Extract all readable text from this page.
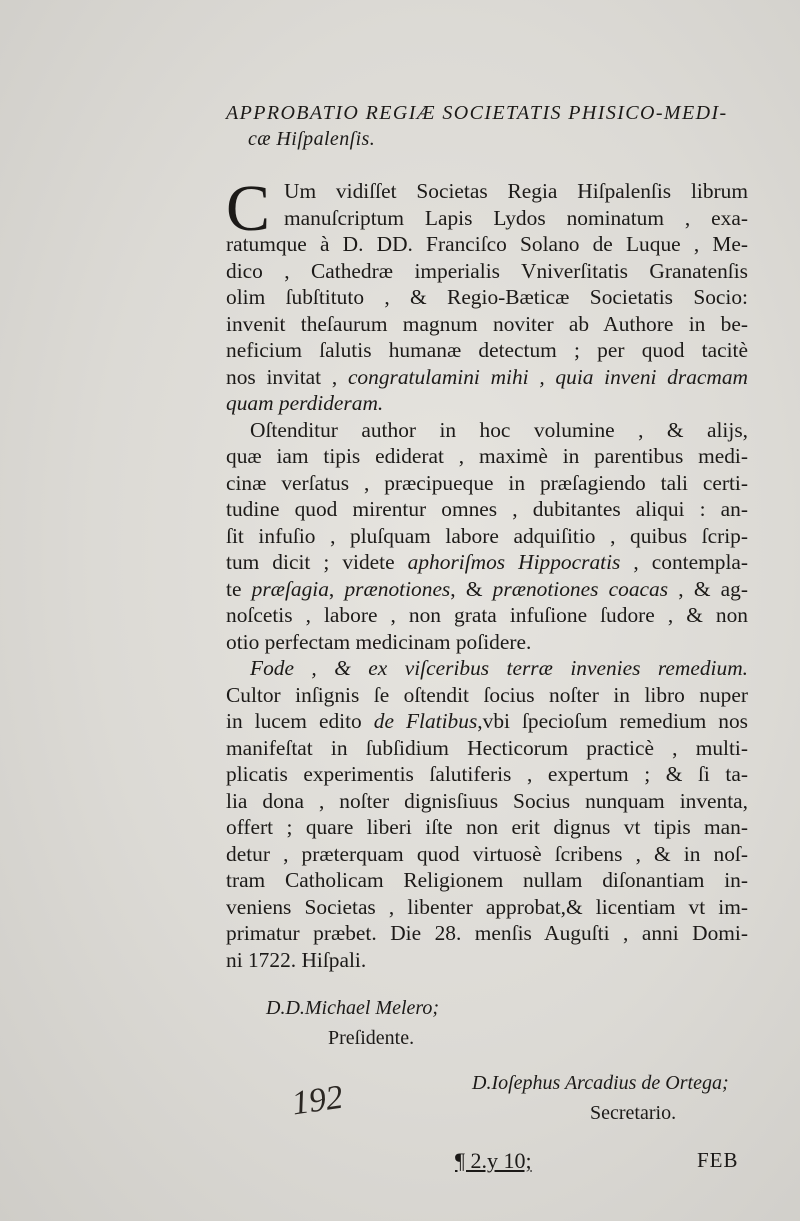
APPROBATIO REGIÆ SOCIETATIS PHISICO-MEDI-
cæ Hiſpalenſis.
C Um vidiſſet Societas Regia Hiſpalenſis librum
manuſcriptum Lapis Lydos nominatum , exa-
ratumque à D. DD. Franciſco Solano de Luque , Me-
dico , Cathedræ imperialis Vniverſitatis Granatenſis
olim ſubſtituto , & Regio-Bæticæ Societatis Socio:
invenit theſaurum magnum noviter ab Authore in be-
neficium ſalutis humanæ detectum ; per quod tacitè
nos invitat , congratulamini mihi , quia inveni dracmam
quam perdideram.
Oſtenditur author in hoc volumine , & alijs,
quæ iam tipis ediderat , maximè in parentibus medi-
cinæ verſatus , præcipueque in præſagiendo tali certi-
tudine quod mirentur omnes , dubitantes aliqui : an-
ſit infuſio , pluſquam labore adquiſitio , quibus ſcrip-
tum dicit ; videte aphoriſmos Hippocratis , contempla-
te præſagia, prænotiones, & prænotiones coacas , & ag-
noſcetis , labore , non grata infuſione ſudore , & non
otio perfectam medicinam poſidere.
Fode , & ex viſceribus terræ invenies remedium.
Cultor inſignis ſe oſtendit ſocius noſter in libro nuper
in lucem edito de Flatibus,vbi ſpecioſum remedium nos
manifeſtat in ſubſidium Hecticorum practicè , multi-
plicatis experimentis ſalutiferis , expertum ; & ſi ta-
lia dona , noſter dignisſiuus Socius nunquam inventa,
offert ; quare liberi iſte non erit dignus vt tipis man-
detur , præterquam quod virtuosè ſcribens , & in noſ-
tram Catholicam Religionem nullam diſonantiam in-
veniens Societas , libenter approbat,& licentiam vt im-
primatur præbet. Die 28. menſis Auguſti , anni Domi-
ni 1722. Hiſpali.
D.D.Michael Melero;
Preſidente.
192	D.Ioſephus Arcadius de Ortega;
Secretario.
¶ 2.y 10;	FEB
